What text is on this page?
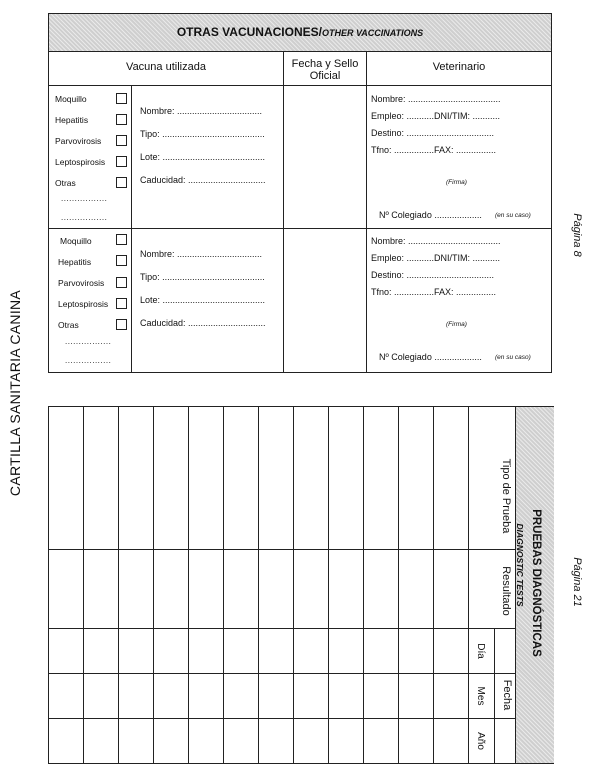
CARTILLA SANITARIA CANINA
Página 8
Página 21
OTRAS VACUNACIONES/OTHER VACCINATIONS
Vacuna utilizada	Fecha y Sello Oficial
Veterinario
Moquillo
Hepatitis
Parvovirosis
Leptospirosis
Otras
.................
.................
Nombre: ..................................
Tipo: .........................................
Lote: .........................................
Caducidad: ...............................
Nombre: .....................................
Empleo: ...........DNI/TIM: ...........
Destino: ...................................
Tfno: ................FAX: ................
(Firma)
Nº Colegiado ................... (en su caso)
Moquillo
Hepatitis
Parvovirosis
Leptospirosis
Otras
.................
.................
Nombre: ..................................
Tipo: .........................................
Lote: .........................................
Caducidad: ...............................
Nombre: .....................................
Empleo: ...........DNI/TIM: ...........
Destino: ...................................
Tfno: ................FAX: ................
(Firma)
Nº Colegiado ................... (en su caso)
Tipo de Prueba
Resultado
Fecha
Día
Mes
Año
PRUEBAS DIAGNÓSTICAS
DIAGNOSTIC TESTS
